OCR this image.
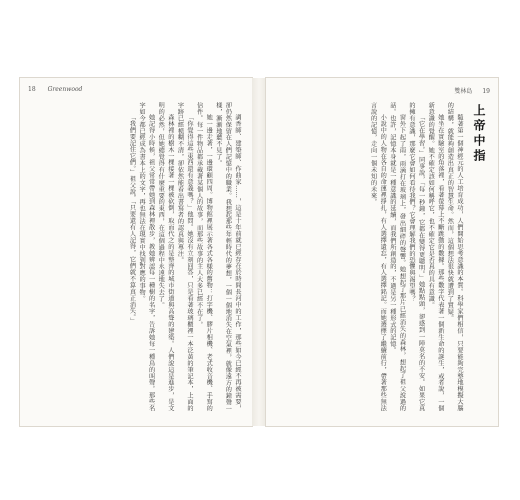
18 Greenwood

調香師、建築師、作曲家……，這是十年前就已經存在於時間長河中的工作，那些如今已經不再被需要，卻仍然保留在人們記憶中的職業。我想起那些年輕時代的夢想，一個一個地消失在空氣裡，就像遠方的鐘聲一樣，漸漸地聽不見了。

她一邊走著，一邊環顧四周。博物館裡展示著各式各樣的舊物：打字機、膠片相機、老式收音機、手寫的信件。每一件物品都承載著某個人的故事，而那些故事的主人大多已經不在了。

「你覺得這些東西還有意義嗎？」他問。她沒有立刻回答，只是看著玻璃櫃裡一本泛黃的筆記本，上面的字跡已經模糊不清，卻依然能看出書寫者的認真與專注。

森林裡的樹木一棵接著一棵被砍倒，取而代之的是整齊的城市街道與高聳的建築。人們說這是進步，是文明的必然，但她總覺得有什麼重要的東西，在這個過程中永遠地失去了。

她記得小時候，祖父常常帶她到森林裡散步，教她辨認每一種樹的名字，告訴她每一種鳥的叫聲。那些名字如今都已經成為書本上的文字，再也無法在現實中找到對應的事物。

「我們要記住它們。」祖父說，「只要還有人記得，它們就不算真正消失。」

雙林島 19
上帝中指

隨著第一個神經元的人工培育成功，人們開始思考意識的本質。科學家們相信，只要能夠完整地模擬大腦的結構，就能夠創造出真正的智慧生命。然而，這個想法很快就遭到了質疑。

她坐在實驗室的角落裡，看著螢幕上不斷跳動的數據。那些數字代表著一個新生命的誕生，或者說，一個新意識的覺醒。她不確定該如何稱呼它，也不確定它是否真的具有意識。

「它在學習。」同事說，「每一秒鐘，它都在變得更聰明。」她點點頭，卻感到一陣莫名的不安。如果它真的擁有意識，那麼它會如何看待我們？它會理解我們的恐懼與渴望嗎？

窗外下起了雨，雨滴打在玻璃上，發出細碎的聲響。她想起了那片已經消失的森林，想起了祖父說過的話。也許，記憶本身就是一種意識的延續，而我們所創造的，不過是另一種形式的記憶。

小說中的人物在各自的命運裡掙扎，有人選擇遺忘，有人選擇銘記。而她選擇了繼續前行，帶著那些無法言說的記憶，走向一個未知的未來。
